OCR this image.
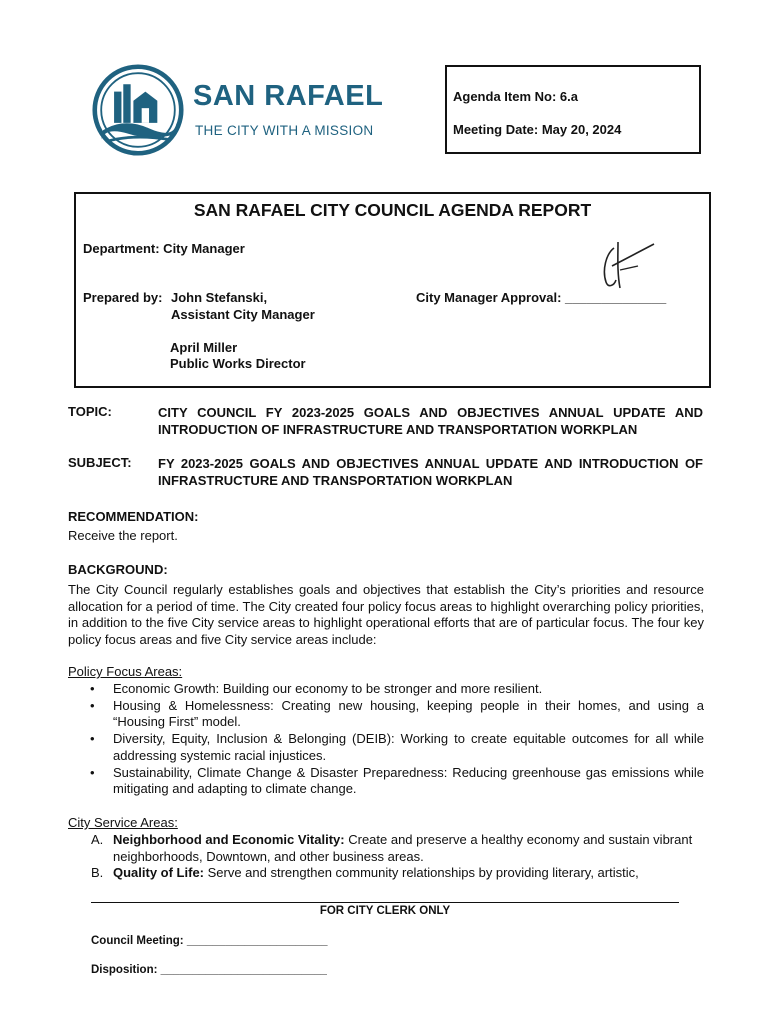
SAN RAFAEL
THE CITY WITH A MISSION
Agenda Item No: 6.a
Meeting Date: May 20, 2024
SAN RAFAEL CITY COUNCIL AGENDA REPORT
Department: City Manager
Prepared by: John Stefanski,
Assistant City Manager
April Miller
Public Works Director
City Manager Approval: ______________
TOPIC:	CITY COUNCIL FY 2023-2025 GOALS AND OBJECTIVES ANNUAL UPDATE AND INTRODUCTION OF INFRASTRUCTURE AND TRANSPORTATION WORKPLAN
SUBJECT: FY 2023-2025 GOALS AND OBJECTIVES ANNUAL UPDATE AND INTRODUCTION OF INFRASTRUCTURE AND TRANSPORTATION WORKPLAN
RECOMMENDATION:
Receive the report.
BACKGROUND:
The City Council regularly establishes goals and objectives that establish the City’s priorities and resource allocation for a period of time. The City created four policy focus areas to highlight overarching policy priorities, in addition to the five City service areas to highlight operational efforts that are of particular focus. The four key policy focus areas and five City service areas include:
Policy Focus Areas:
• Economic Growth: Building our economy to be stronger and more resilient.
• Housing & Homelessness: Creating new housing, keeping people in their homes, and using a “Housing First” model.
• Diversity, Equity, Inclusion & Belonging (DEIB): Working to create equitable outcomes for all while addressing systemic racial injustices.
• Sustainability, Climate Change & Disaster Preparedness: Reducing greenhouse gas emissions while mitigating and adapting to climate change.
City Service Areas:
A. Neighborhood and Economic Vitality: Create and preserve a healthy economy and sustain vibrant neighborhoods, Downtown, and other business areas.
B. Quality of Life: Serve and strengthen community relationships by providing literary, artistic,
FOR CITY CLERK ONLY
Council Meeting: ______________________
Disposition: __________________________
